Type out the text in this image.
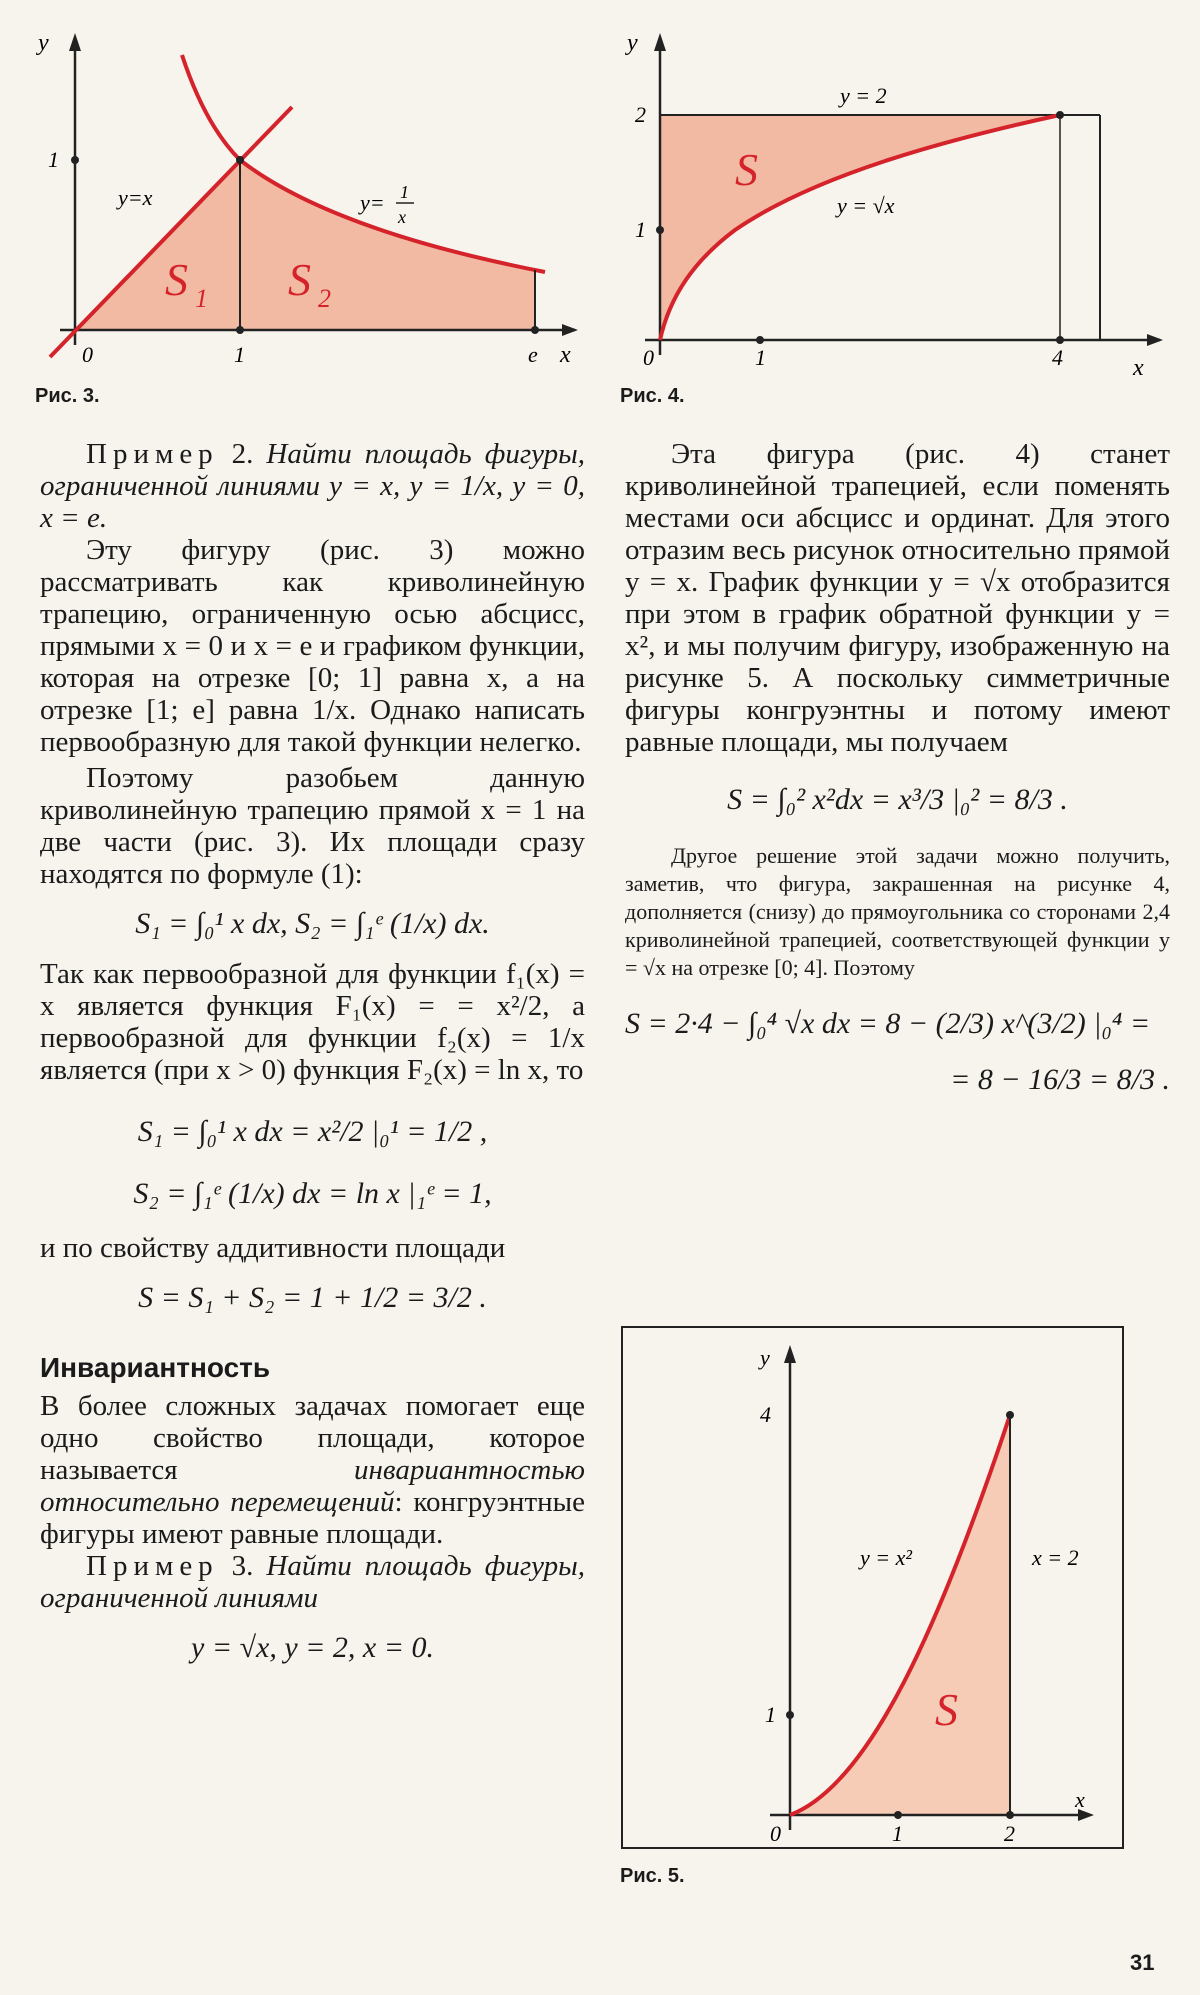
y
x
0	1	e
1
y=x	y= 1
x
S 1 S 2
Рис. 3.
y
x
0	1	4
1
2
y = 2
y = √x
S
Рис. 4.

Пример 2. Найти площадь фигуры, ограниченной линиями y = x, y = 1/x, y = 0, x = e.

Эту фигуру (рис. 3) можно рассматривать как криволинейную трапецию, ограниченную осью абсцисс, прямыми x = 0 и x = e и графиком функции, которая на отрезке [0; 1] равна x, а на отрезке [1; e] равна 1/x. Однако написать первообразную для такой функции нелегко.

Поэтому разобьем данную криволинейную трапецию прямой x = 1 на две части (рис. 3). Их площади сразу находятся по формуле (1):

S₁ = ∫₀¹ x dx, S₂ = ∫₁ᵉ (1/x) dx.

Так как первообразной для функции f₁(x) = x является функция F₁(x) = = x²/2, а первообразной для функции f₂(x) = 1/x является (при x > 0) функция F₂(x) = ln x, то

S₁ = ∫₀¹ x dx = x²/2 |₀¹ = 1/2 ,

S₂ = ∫₁ᵉ (1/x) dx = ln x |₁ᵉ = 1,

и по свойству аддитивности площади

S = S₁ + S₂ = 1 + 1/2 = 3/2 .

Инвариантность

В более сложных задачах помогает еще одно свойство площади, которое называется инвариантностью относительно перемещений: конгруэнтные фигуры имеют равные площади.

Пример 3. Найти площадь фигуры, ограниченной линиями

y = √x, y = 2, x = 0.

Эта фигура (рис. 4) станет криволинейной трапецией, если поменять местами оси абсцисс и ординат. Для этого отразим весь рисунок относительно прямой y = x. График функции y = √x отобразится при этом в график обратной функции y = x², и мы получим фигуру, изображенную на рисунке 5. А поскольку симметричные фигуры конгруэнтны и потому имеют равные площади, мы получаем

S = ∫₀² x²dx = x³/3 |₀² = 8/3 .

Другое решение этой задачи можно получить, заметив, что фигура, закрашенная на рисунке 4, дополняется (снизу) до прямоугольника со сторонами 2,4 криволинейной трапецией, соответствующей функции y = √x на отрезке [0; 4]. Поэтому

S = 2·4 − ∫₀⁴ √x dx = 8 − (2/3) x^(3/2) |₀⁴ =

= 8 − 16/3 = 8/3 .

y
x
0	1	2
1
4
y = x²	x = 2
S
Рис. 5.
31
